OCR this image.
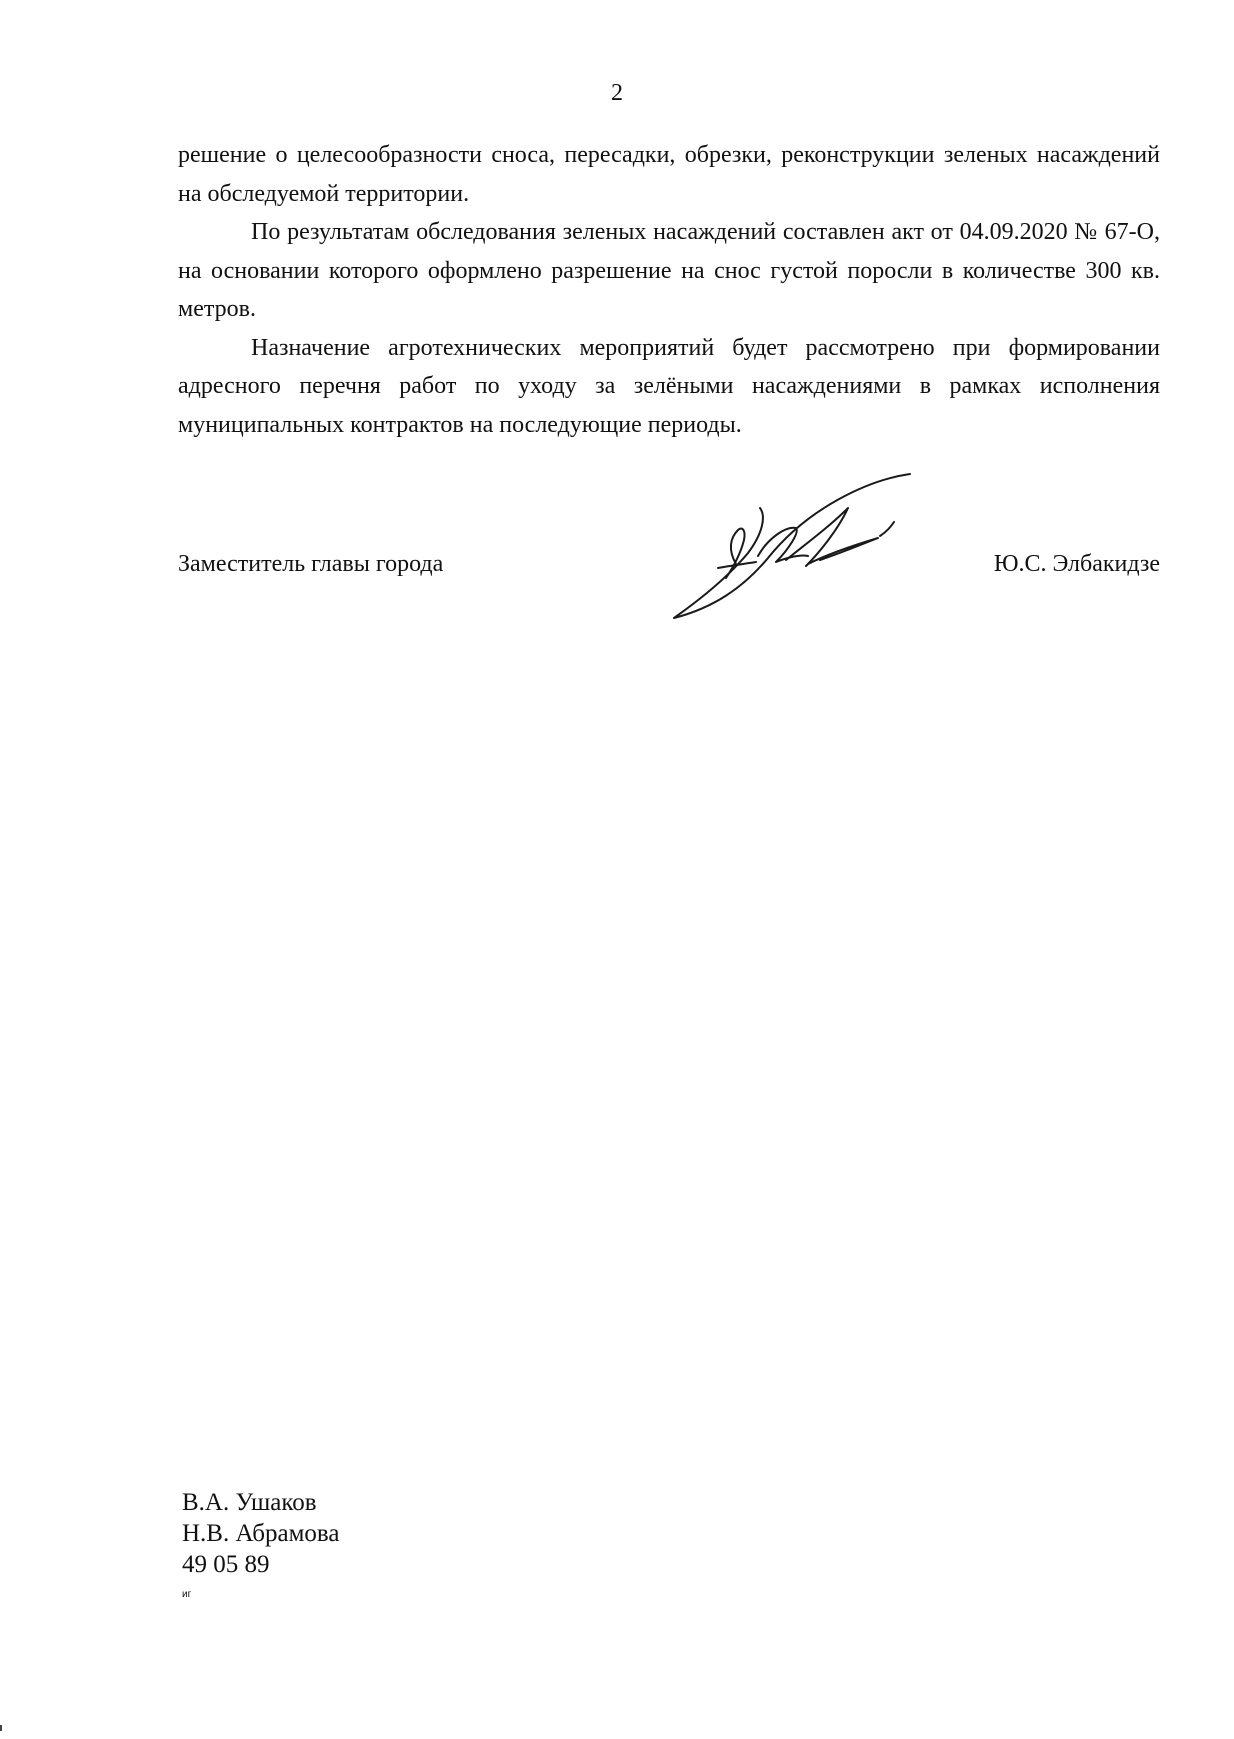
2

решение о целесообразности сноса, пересадки, обрезки, реконструкции зеленых насаждений на обследуемой территории.

По результатам обследования зеленых насаждений составлен акт от 04.09.2020 № 67-О, на основании которого оформлено разрешение на снос густой поросли в количестве 300 кв. метров.

Назначение агротехнических мероприятий будет рассмотрено при формировании адресного перечня работ по уходу за зелёными насаждениями в рамках исполнения муниципальных контрактов на последующие периоды.

Заместитель главы города	Ю.С. Элбакидзе
В.А. Ушаков
Н.В. Абрамова
49 05 89
иг
